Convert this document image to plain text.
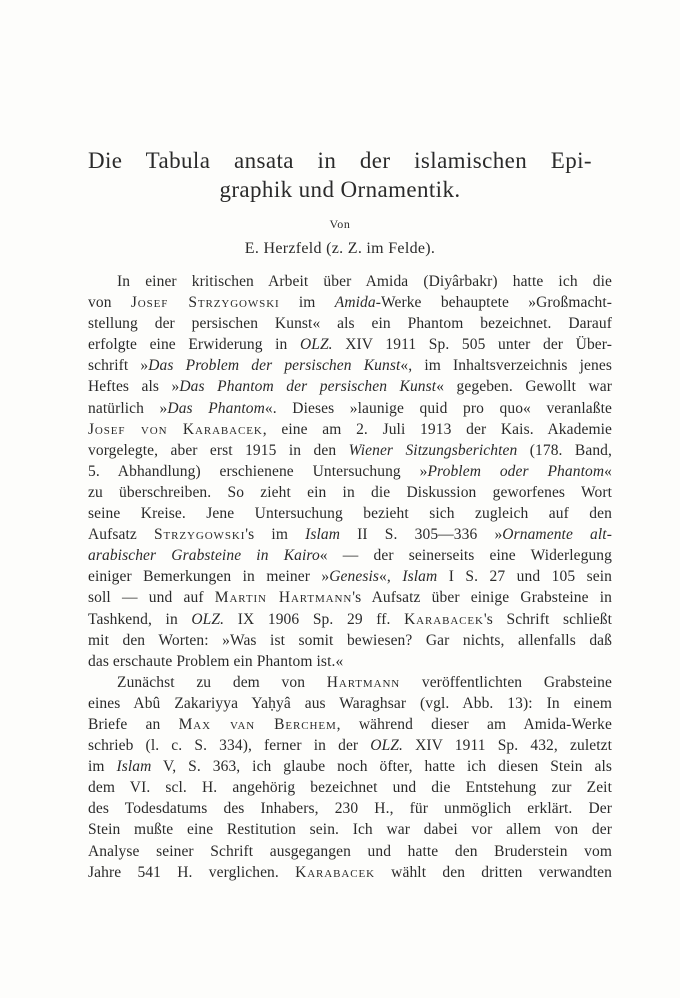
Die Tabula ansata in der islamischen Epi-
graphik und Ornamentik.
Von
E. Herzfeld (z. Z. im Felde).
In einer kritischen Arbeit über Amida (Diyârbakr) hatte ich die
von Josef Strzygowski im Amida-Werke behauptete »Großmacht-
stellung der persischen Kunst« als ein Phantom bezeichnet. Darauf
erfolgte eine Erwiderung in OLZ. XIV 1911 Sp. 505 unter der Über-
schrift »Das Problem der persischen Kunst«, im Inhaltsverzeichnis jenes
Heftes als »Das Phantom der persischen Kunst« gegeben. Gewollt war
natürlich »Das Phantom«. Dieses »launige quid pro quo« veranlaßte
Josef von Karabacek, eine am 2. Juli 1913 der Kais. Akademie
vorgelegte, aber erst 1915 in den Wiener Sitzungsberichten (178. Band,
5. Abhandlung) erschienene Untersuchung »Problem oder Phantom«
zu überschreiben. So zieht ein in die Diskussion geworfenes Wort
seine Kreise. Jene Untersuchung bezieht sich zugleich auf den
Aufsatz Strzygowski's im Islam II S. 305—336 »Ornamente alt-
arabischer Grabsteine in Kairo« — der seinerseits eine Widerlegung
einiger Bemerkungen in meiner »Genesis«, Islam I S. 27 und 105 sein
soll — und auf Martin Hartmann's Aufsatz über einige Grabsteine in
Tashkend, in OLZ. IX 1906 Sp. 29 ff. Karabacek's Schrift schließt
mit den Worten: »Was ist somit bewiesen? Gar nichts, allenfalls daß
das erschaute Problem ein Phantom ist.«
Zunächst zu dem von Hartmann veröffentlichten Grabsteine
eines Abû Zakariyya Yaḥyâ aus Waraghsar (vgl. Abb. 13): In einem
Briefe an Max van Berchem, während dieser am Amida-Werke
schrieb (l. c. S. 334), ferner in der OLZ. XIV 1911 Sp. 432, zuletzt
im Islam V, S. 363, ich glaube noch öfter, hatte ich diesen Stein als
dem VI. scl. H. angehörig bezeichnet und die Entstehung zur Zeit
des Todesdatums des Inhabers, 230 H., für unmöglich erklärt. Der
Stein mußte eine Restitution sein. Ich war dabei vor allem von der
Analyse seiner Schrift ausgegangen und hatte den Bruderstein vom
Jahre 541 H. verglichen. Karabacek wählt den dritten verwandten
